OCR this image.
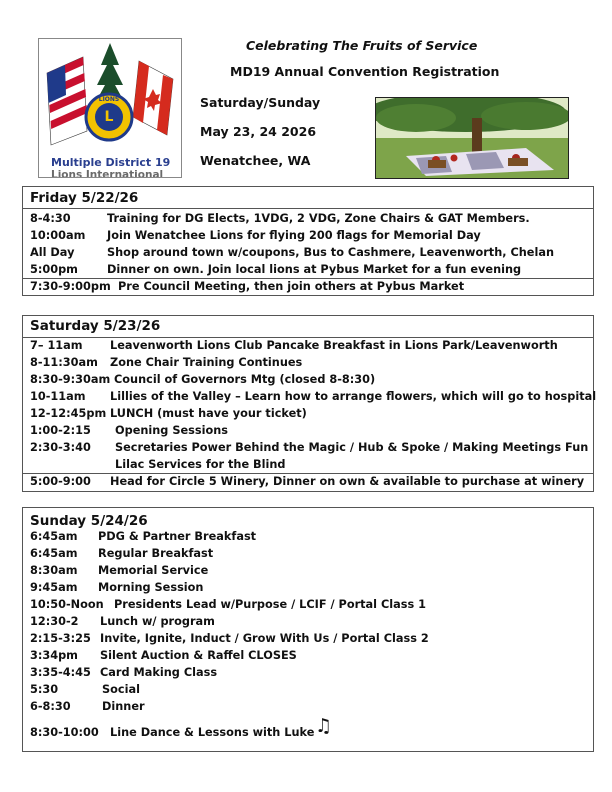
L
LIONS
Multiple District 19
Lions International
Celebrating The Fruits of Service
MD19 Annual Convention Registration
Saturday/Sunday
May 23, 24 2026
Wenatchee, WA
Friday 5/22/26
8-4:30	Training for DG Elects, 1VDG, 2 VDG, Zone Chairs & GAT Members.
10:00am Join Wenatchee Lions for flying 200 flags for Memorial Day
All Day	Shop around town w/coupons, Bus to Cashmere, Leavenworth, Chelan
5:00pm	Dinner on own. Join local lions at Pybus Market for a fun evening
7:30-9:00pm Pre Council Meeting, then join others at Pybus Market
Saturday 5/23/26
7– 11am Leavenworth Lions Club Pancake Breakfast in Lions Park/Leavenworth
8-11:30am Zone Chair Training Continues
8:30-9:30am Council of Governors Mtg (closed 8-8:30)
10-11am Lillies of the Valley – Learn how to arrange flowers, which will go to hospital
12-12:45pm LUNCH (must have your ticket)
1:00-2:15 Opening Sessions
2:30-3:40 Secretaries Power Behind the Magic / Hub & Spoke / Making Meetings Fun
Lilac Services for the Blind
5:00-9:00 Head for Circle 5 Winery, Dinner on own & available to purchase at winery
Sunday 5/24/26
6:45am PDG & Partner Breakfast
6:45am Regular Breakfast
8:30am Memorial Service
9:45am Morning Session
10:50-Noon Presidents Lead w/Purpose / LCIF / Portal Class 1
12:30-2 Lunch w/ program
2:15-3:25 Invite, Ignite, Induct / Grow With Us / Portal Class 2
3:34pm Silent Auction & Raffel CLOSES
3:35-4:45 Card Making Class
5:30	Social
6-8:30	Dinner
8:30-10:00 Line Dance & Lessons with Luke ♫
